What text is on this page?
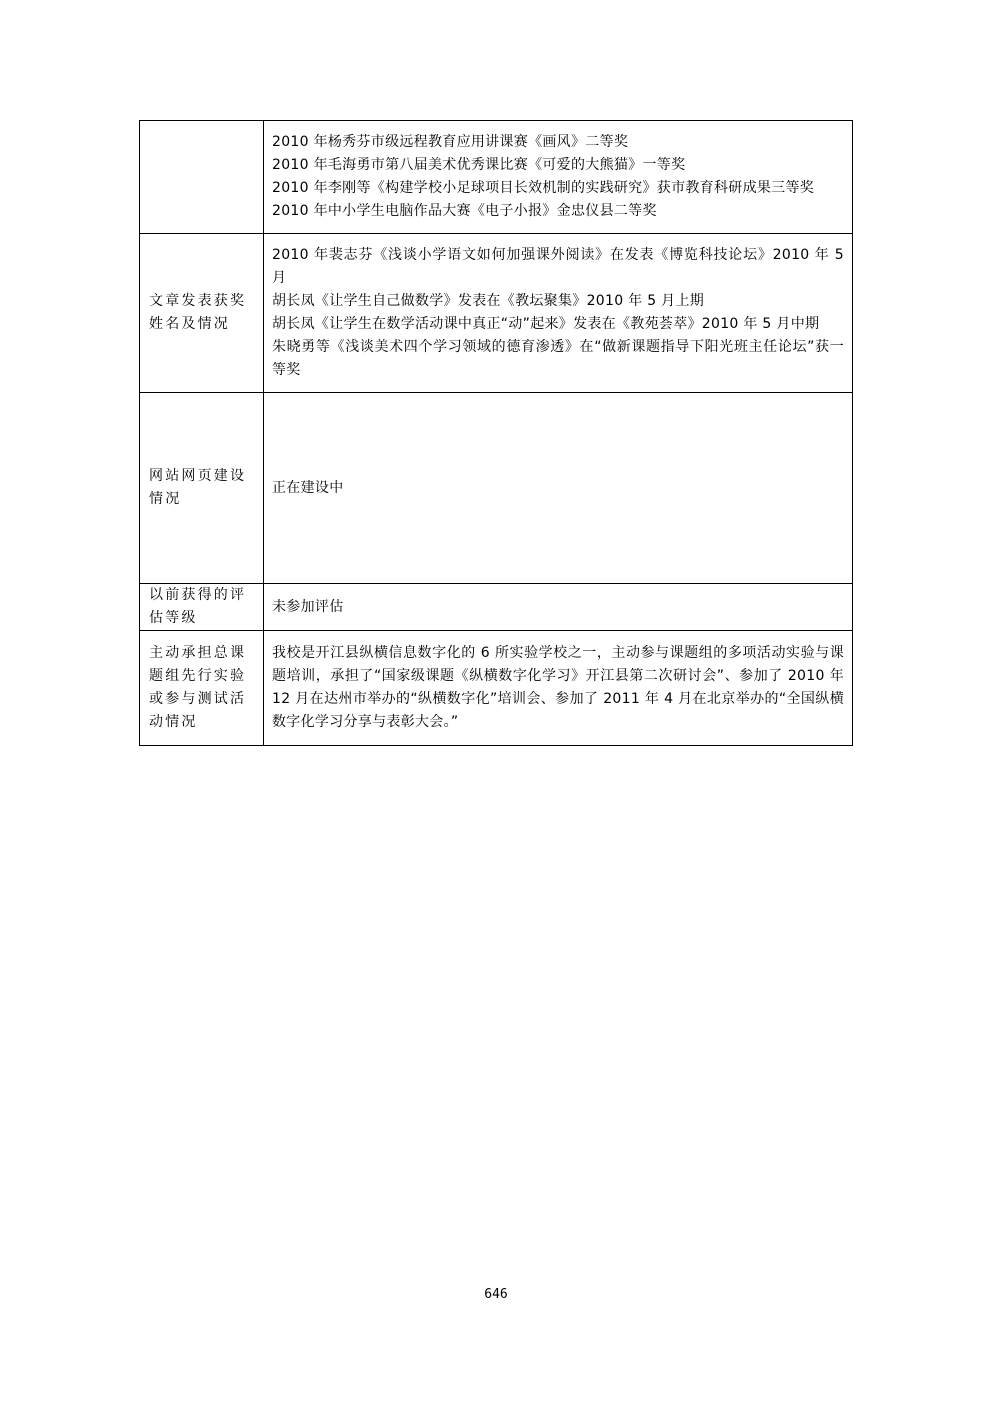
	2010 年杨秀芬市级远程教育应用讲课赛《画风》二等奖
2010 年毛海勇市第八届美术优秀课比赛《可爱的大熊猫》一等奖
2010 年李刚等《构建学校小足球项目长效机制的实践研究》获市教育科研成果三等奖
2010 年中小学生电脑作品大赛《电子小报》金忠仪县二等奖

文章发表获奖姓名及情况	2010 年裴志芬《浅谈小学语文如何加强课外阅读》在发表《博览科技论坛》2010 年 5 月
胡长凤《让学生自己做数学》发表在《教坛聚集》2010 年 5 月上期
胡长凤《让学生在数学活动课中真正“动”起来》发表在《教苑荟萃》2010 年 5 月中期
朱晓勇等《浅谈美术四个学习领域的德育渗透》在“做新课题指导下阳光班主任论坛”获一等奖

网站网页建设情况	正在建设中

以前获得的评估等级	未参加评估

主动承担总课题组先行实验或参与测试活动情况	我校是开江县纵横信息数字化的 6 所实验学校之一，主动参与课题组的多项活动实验与课题培训，承担了“国家级课题《纵横数字化学习》开江县第二次研讨会”、参加了 2010 年 12 月在达州市举办的“纵横数字化”培训会、参加了 2011 年 4 月在北京举办的“全国纵横数字化学习分享与表彰大会。”
646
